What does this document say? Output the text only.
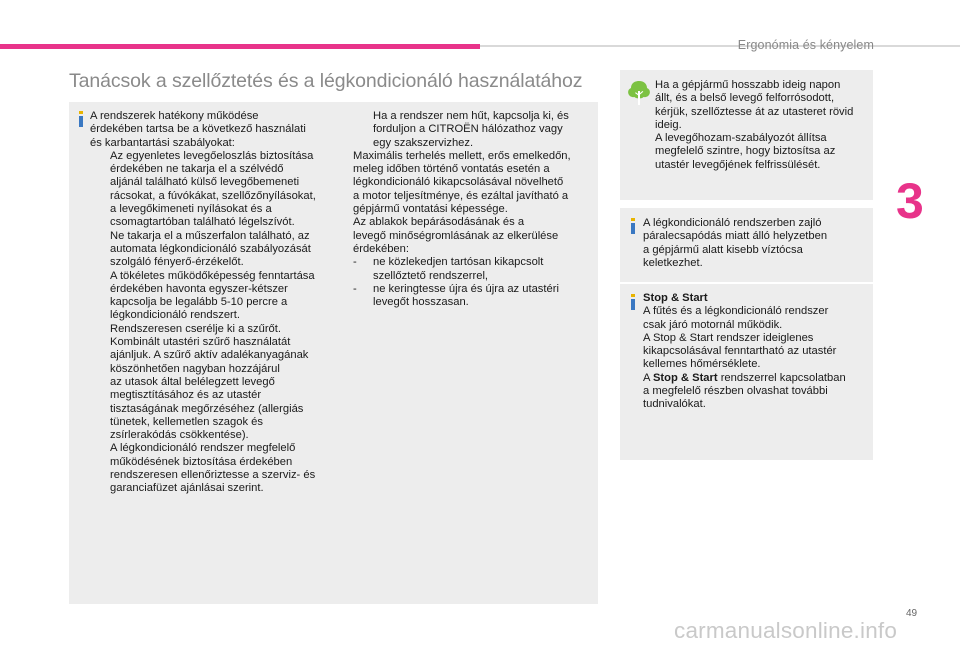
Ergonómia és kényelem
3
Tanácsok a szellőztetés és a légkondicionáló használatához
A rendszerek hatékony működése
érdekében tartsa be a következő használati
és karbantartási szabályokat:
Az egyenletes levegőeloszlás biztosítása
érdekében ne takarja el a szélvédő
aljánál található külső levegőbemeneti
rácsokat, a fúvókákat, szellőzőnyílásokat,
a levegőkimeneti nyílásokat és a
csomagtartóban található légelszívót.
Ne takarja el a műszerfalon található, az
automata légkondicionáló szabályozását
szolgáló fényerő-érzékelőt.
A tökéletes működőképesség fenntartása
érdekében havonta egyszer-kétszer
kapcsolja be legalább 5-10 percre a
légkondicionáló rendszert.
Rendszeresen cserélje ki a szűrőt.
Kombinált utastéri szűrő használatát
ajánljuk. A szűrő aktív adalékanyagának
köszönhetően nagyban hozzájárul
az utasok által belélegzett levegő
megtisztításához és az utastér
tisztaságának megőrzéséhez (allergiás
tünetek, kellemetlen szagok és
zsírlerakódás csökkentése).
A légkondicionáló rendszer megfelelő
működésének biztosítása érdekében
rendszeresen ellenőriztesse a szerviz- és
garanciafüzet ajánlásai szerint.
Ha a rendszer nem hűt, kapcsolja ki, és
forduljon a CITROËN hálózathoz vagy
egy szakszervizhez.
Maximális terhelés mellett, erős emelkedőn,
meleg időben történő vontatás esetén a
légkondicionáló kikapcsolásával növelhető
a motor teljesítménye, és ezáltal javítható a
gépjármű vontatási képessége.
Az ablakok bepárásodásának és a
levegő minőségromlásának az elkerülése
érdekében:
-	ne közlekedjen tartósan kikapcsolt
szellőztető rendszerrel,
-	ne keringtesse újra és újra az utastéri
levegőt hosszasan.
Ha a gépjármű hosszabb ideig napon
állt, és a belső levegő felforrósodott,
kérjük, szellőztesse át az utasteret rövid
ideig.
A levegőhozam-szabályozót állítsa
megfelelő szintre, hogy biztosítsa az
utastér levegőjének felfrissülését.
A légkondicionáló rendszerben zajló
páralecsapódás miatt álló helyzetben
a gépjármű alatt kisebb víztócsa
keletkezhet.
Stop & Start
A fűtés és a légkondicionáló rendszer
csak járó motornál működik.
A Stop & Start rendszer ideiglenes
kikapcsolásával fenntartható az utastér
kellemes hőmérséklete.
A Stop & Start rendszerrel kapcsolatban
a megfelelő részben olvashat további
tudnivalókat.
49
carmanualsonline.info
